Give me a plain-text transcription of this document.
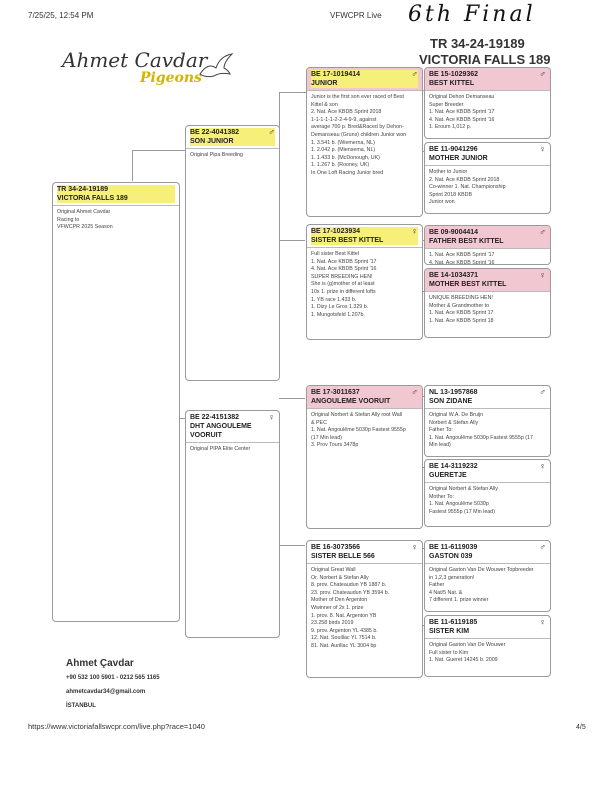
7/25/25, 12:54 PM	VFWCPR Live 6th Final
Ahmet Cavdar
Pigeons
TR 34-24-19189
VICTORIA FALLS 189
TR 34-24-19189
VICTORIA FALLS 189
Original Ahmet Cavdar
Racing to
VFWCPR 2025 Season
BE 22-4041382
SON JUNIOR
♂
Original Pipa Breeding
BE 22-4151382
DHT ANGOULEME VOORUIT
♀
Original PIPA Elite Center
BE 17-1019414
JUNIOR
♂
Junior is the first son ever raced of Best
Kittel & son
2. Nat. Ace KBDB Sprint 2018
1-1-1-1-1-2-2-4-9-9, against
average 700 p. Bred&Raced by Dehon-
Demanseau (Gruns) children Junior won
1. 3.541 b. (Wiemerna, NL)
1. 2.042 p. (Miensema, NL)
1. 1.433 b. (McDonough, UK)
1. 1.267 b. (Rooney, UK)
In One Loft Racing Junior bred
BE 17-1023934
SISTER BEST KITTEL
♀
Full sister Best Kittel
1. Nat. Ace KBDB Sprint '17
4. Nat. Ace KBDB Sprint '16
SUPER BREEDING HEN!
She is (g)mother of at least
10x 1. prize in different lofts
1. YB race 1.433 b.
1. Dizy Le Gros 1.329 b.
1. Mungotsfeld 1.207b.
BE 17-3011637
ANGOULEME VOORUIT
♂
Original Norbert & Stefan Ally root Wall
& PEC
1. Nat. Angoulême 5030p Fastest 9555p
(17 Min lead)
3. Prov Tours 3478p
BE 16-3073566
SISTER BELLE 566
♀
Original Great Wall
Or. Norbert & Stefan Ally
8. prov. Chateaudun YB 1887 b.
23. prov. Chateaudun YB 3594 b.
Mother of Den Argenton
Wwinner of 2x 1. prize
1. prov. 8. Nat. Argenton YB
23.258 birds 2019
9. prov. Argenton YL 4385 b.
12. Nat. Souillac YL 7514 b.
81. Nat. Aurillac YL 3004 bp
BE 15-1029362
BEST KITTEL
♂
Original Dehon Demanseau
Super Breeder
1. Nat. Ace KBDB Sprint '17
4. Nat. Ace KBDB Sprint '16
1. Eroum 1,012 p.
BE 11-9041296
MOTHER JUNIOR
♀
Mother to Junior
2. Nat. Ace KBDB Sprint 2018
Co-winner 1. Nat. Championship
Sprint 2018 KBDB
Junior won
BE 09-9004414
FATHER BEST KITTEL
♂
1. Nat. Ace KBDB Sprint '17
4. Nat. Ace KBDB Sprint '16
BE 14-1034371
MOTHER BEST KITTEL
♀
UNIQUE BREEDING HEN!
Mother & Grandmother to
1. Nat. Ace KBDB Sprint 17
1. Nat. Ace KBDB Sprint 18
NL 13-1957868
SON ZIDANE
♂
Original W.A. De Bruijn
Norbert & Stefan Ally
Father To:
1. Nat. Angoulême 5030p Fastest 9555p (17
Min lead)
BE 14-3119232
GUERETJE
♀
Original Norbert & Stefan Ally
Mother To:
1. Nat. Angoulême 5030p
Fastest 9555p (17 Min lead)
BE 11-6119039
GASTON 039
♂
Original Gaston Van De Wouwer Topbreeder
in 1,2,3 generation!
Father
4 Nat/5 Nat. &
7 different 1. prize winner
BE 11-6119185
SISTER KIM
♀
Original Gaston Van De Wouwer
Full sister to Kim
1. Nat. Gueret 14245 b. 2009
Ahmet Çavdar
+90 532 100 5901 - 0212 565 1165
ahmetcavdar34@gmail.com
İSTANBUL
https://www.victoriafallswcpr.com/live.php?race=1040	4/5
